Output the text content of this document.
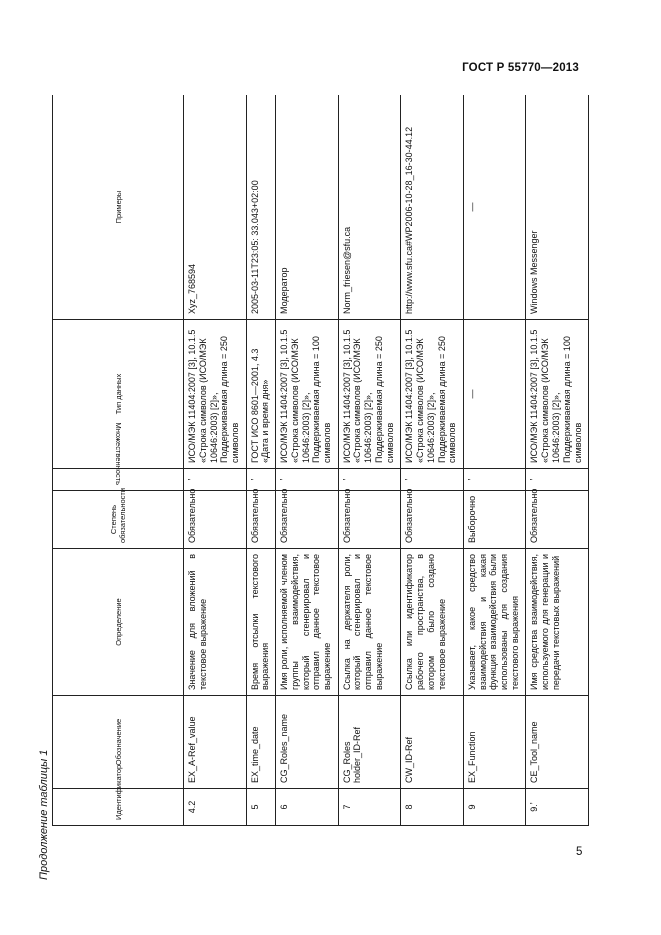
ГОСТ Р 55770—2013
Продолжение таблицы 1	Идентификатор	Обозначение	Определение	Степень обязательности	Множественность	Тип данных	Примеры
4.2	EX_A-Ref_value	Значение для вложений в текстовое выражение	Обязательно	ʼ	ИСО/МЭК 11404:2007 [3], 10.1.5 «Строка символов (ИСО/МЭК 10646:2003) [2]», Поддерживаемая длина = 250 символов	Xyz_768594
5	EX_time_date	Время отсылки текстового выражения	Обязательно	ʼ	ГОСТ ИСО 8601—2001, 4.3 «Дата и время дня»	2005-03-11T23:05: 33.043+02:00
6	CG_Roles_name	Имя роли, исполняемой членом группы взаимодействия, который сгенерировал и отправил данное текстовое выражение	Обязательно	ʼ	ИСО/МЭК 11404:2007 [3], 10.1.5 «Строка символов (ИСО/МЭК 10646:2003) [2]», Поддерживаемая длина = 100 символов	Модератор
7	CG_Roles holder_ID-Ref	Ссылка на держателя роли, который сгенерировал и отправил данное текстовое выражение	Обязательно	ʼ	ИСО/МЭК 11404:2007 [3], 10.1.5 «Строка символов (ИСО/МЭК 10646:2003) [2]», Поддерживаемая длина = 250 символов	Norm_friesen@sfu.ca
8	CW_ID-Ref	Ссылка или идентификатор рабочего пространства, в котором было создано текстовое выражение	Обязательно	ʼ	ИСО/МЭК 11404:2007 [3], 10.1.5 «Строка символов (ИСО/МЭК 10646:2003) [2]», Поддерживаемая длина = 250 символов	http://www.sfu.ca#WP2006-10-28_16-30-44.12
9	EX_Function	Указывает, какое средство взаимодействия и какая функция взаимодействия были использованы для создания текстового выражения	Выборочно	ʼ	—	—
9.ʼ	CE_Tool_name	Имя средства взаимодействия, используемого для генерации и передачи текстовых выражений	Обязательно	ʼ	ИСО/МЭК 11404:2007 [3], 10.1.5 «Строка символов (ИСО/МЭК 10646:2003) [2]», Поддерживаемая длина = 100 символов	Windows Messenger
5
